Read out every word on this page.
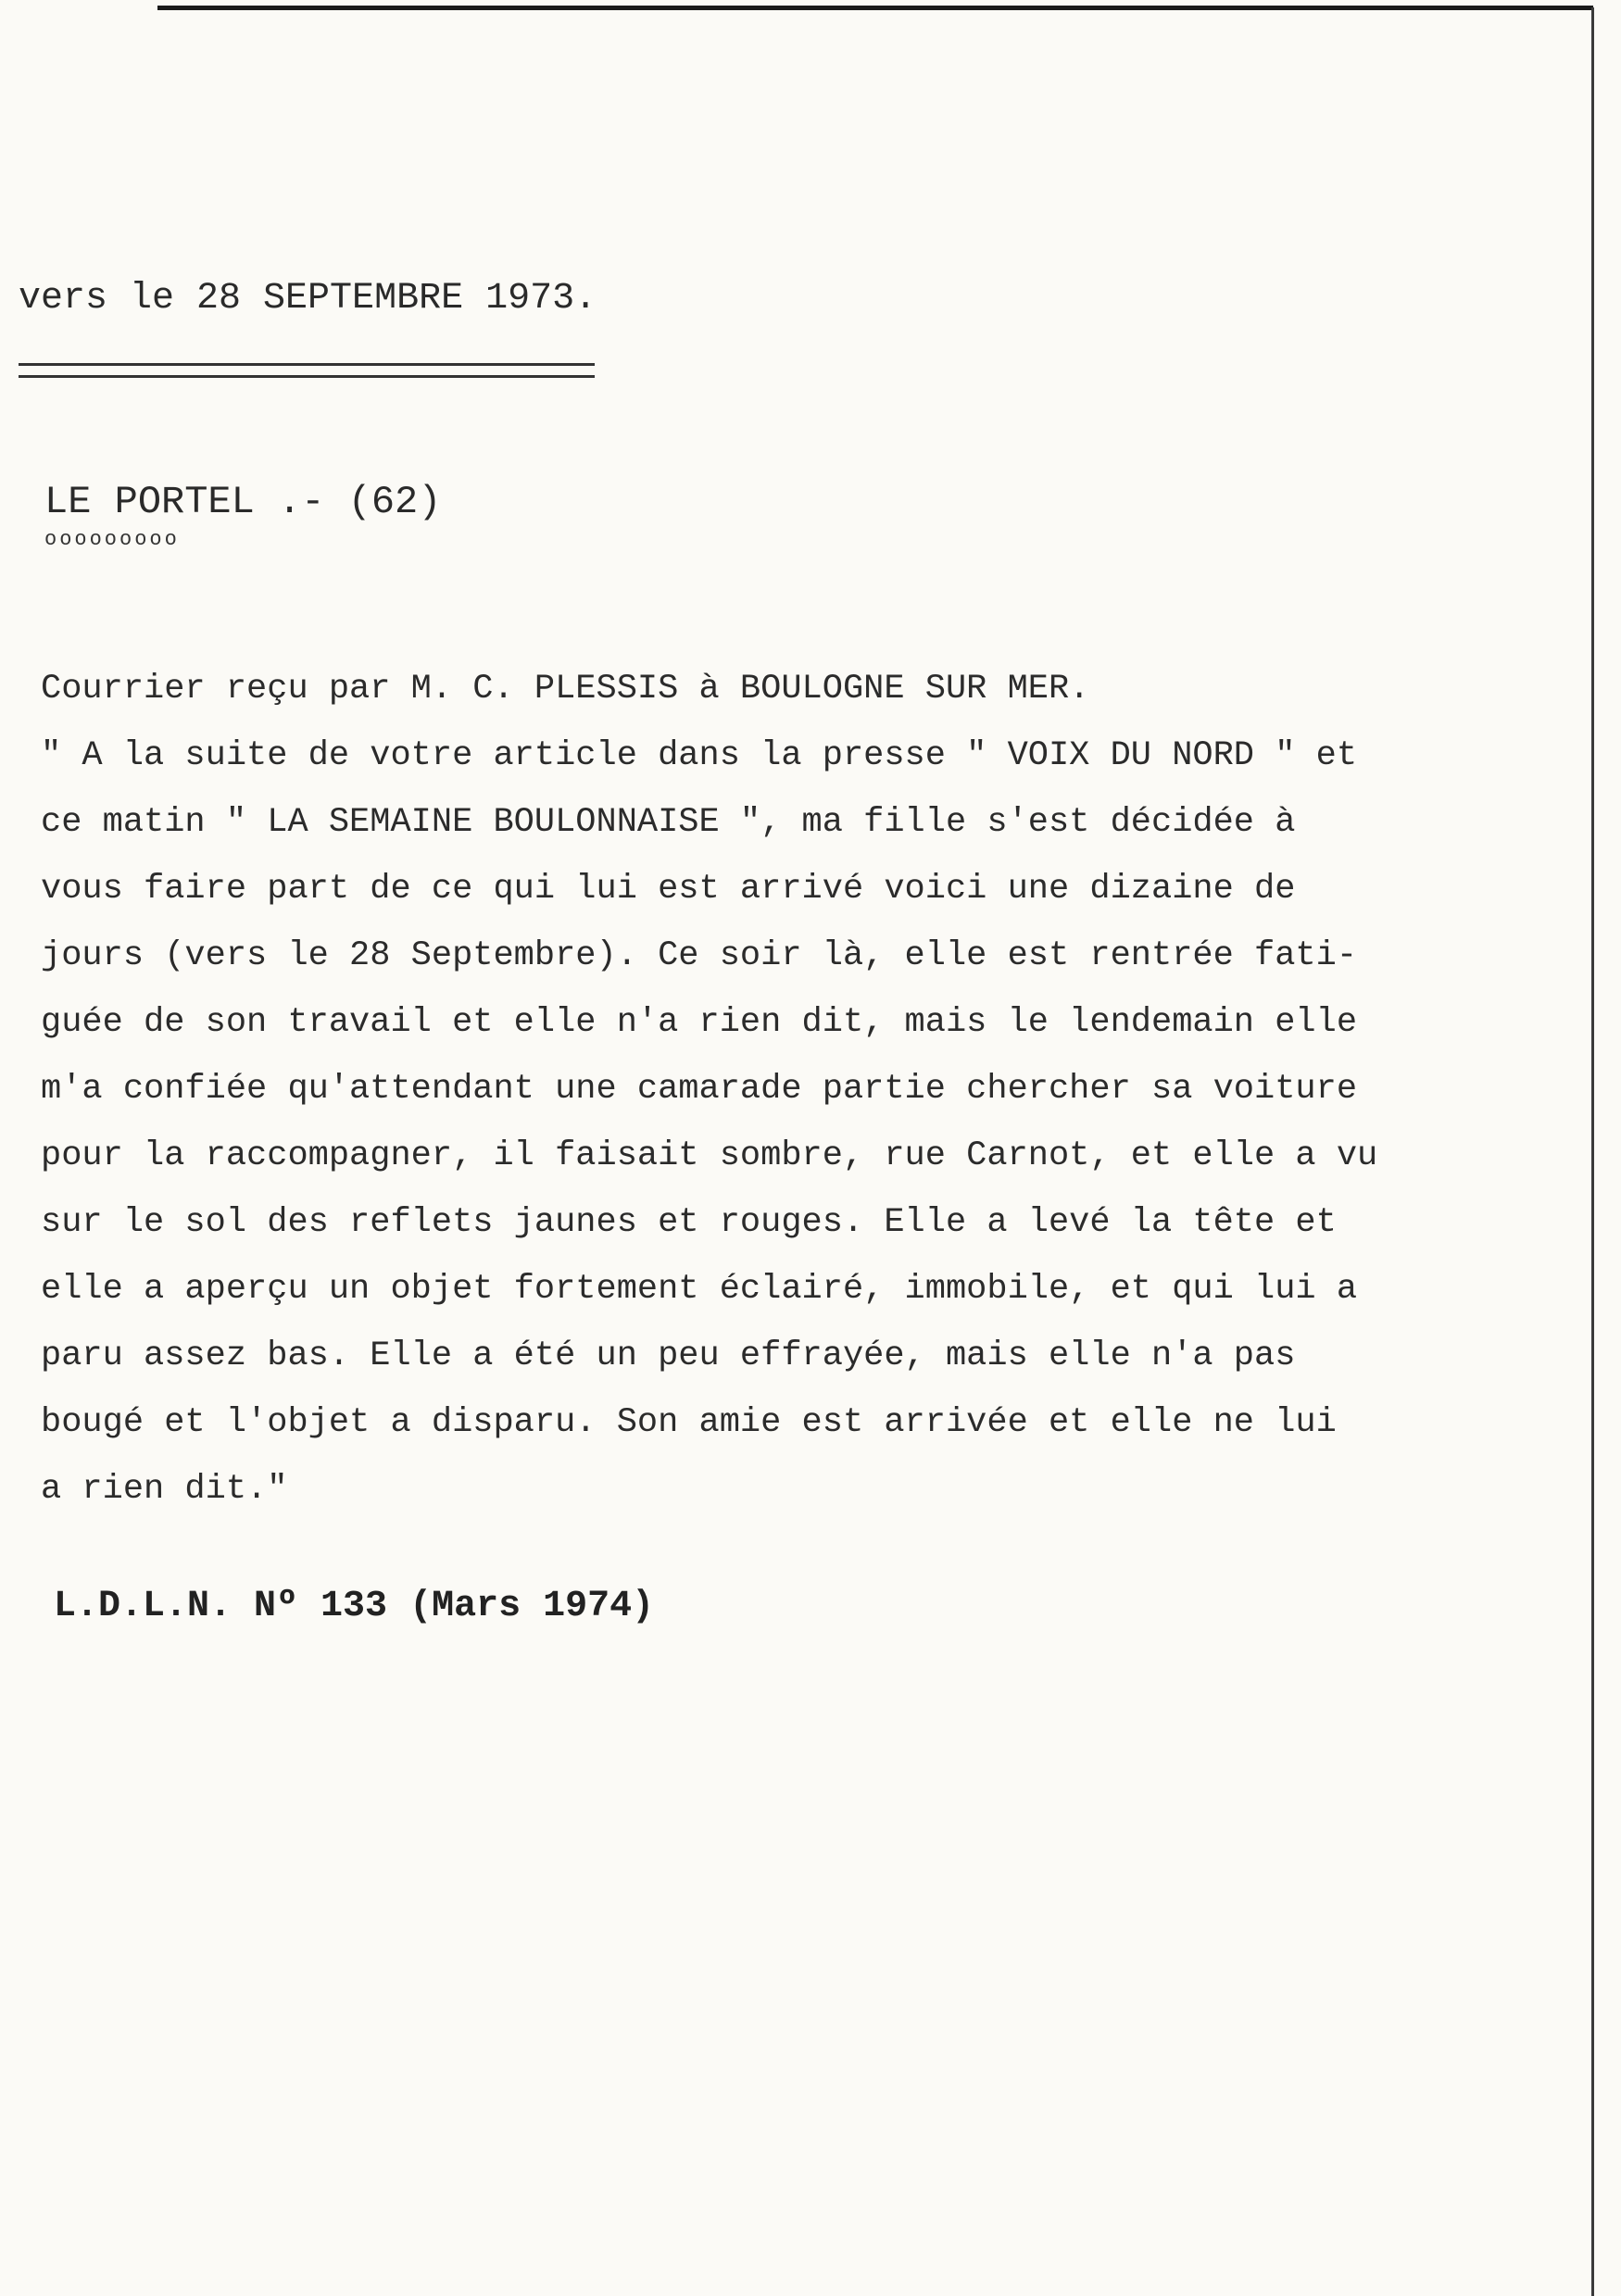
vers le 28 SEPTEMBRE 1973.
LE PORTEL .- (62)
ooooooooo
Courrier reçu par M. C. PLESSIS à BOULOGNE SUR MER.
" A la suite de votre article dans la presse " VOIX DU NORD " et
ce matin " LA SEMAINE BOULONNAISE ", ma fille s'est décidée à
vous faire part de ce qui lui est arrivé voici une dizaine de
jours (vers le 28 Septembre). Ce soir là, elle est rentrée fati-
guée de son travail et elle n'a rien dit, mais le lendemain elle
m'a confiée qu'attendant une camarade partie chercher sa voiture
pour la raccompagner, il faisait sombre, rue Carnot, et elle a vu
sur le sol des reflets jaunes et rouges. Elle a levé la tête et
elle a aperçu un objet fortement éclairé, immobile, et qui lui a
paru assez bas. Elle a été un peu effrayée, mais elle n'a pas
bougé et l'objet a disparu. Son amie est arrivée et elle ne lui
a rien dit."
L.D.L.N. Nº 133 (Mars 1974)
